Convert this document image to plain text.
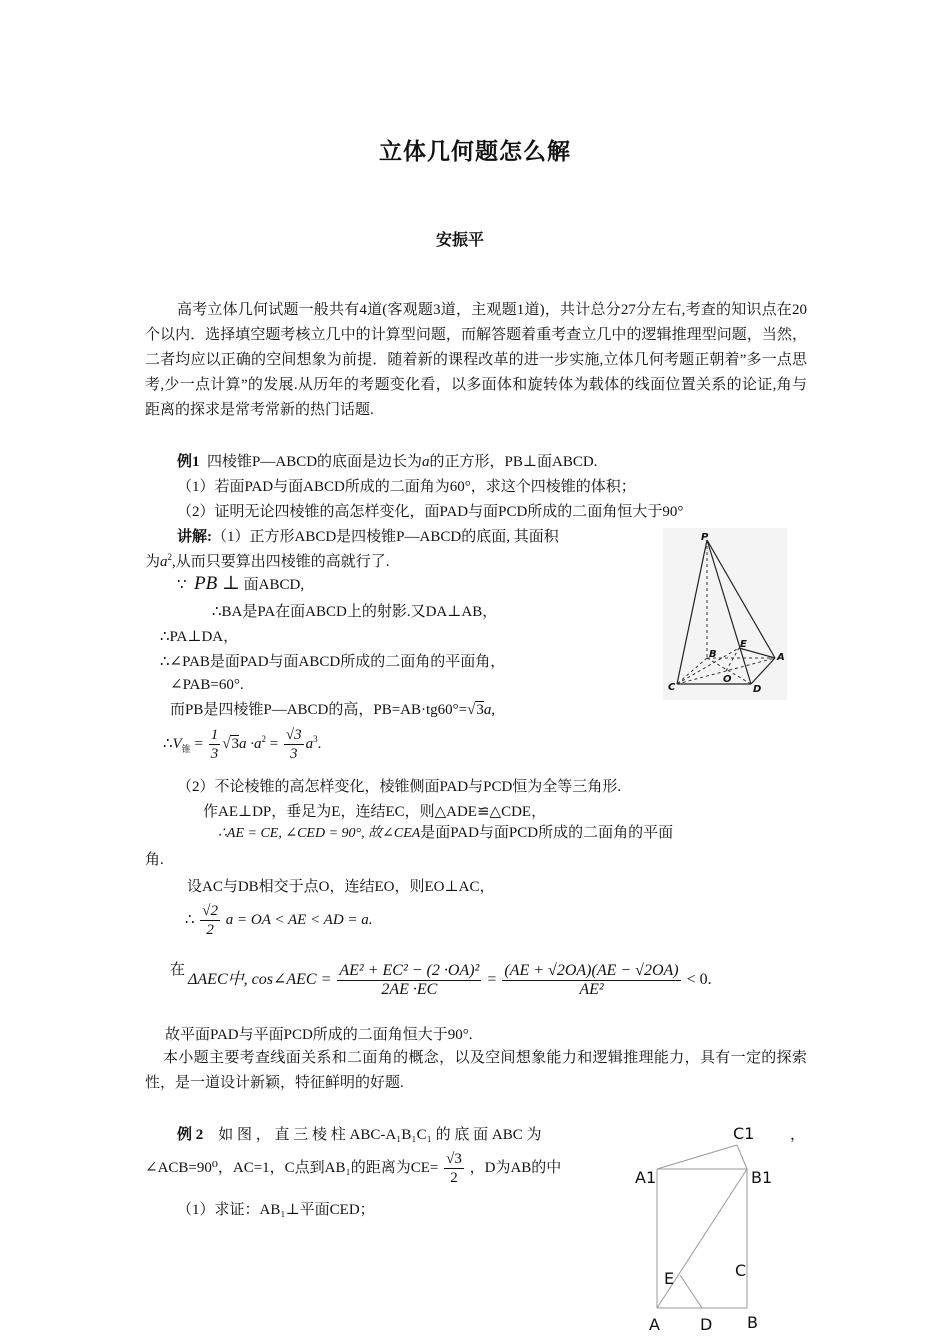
立体几何题怎么解
安振平
高考立体几何试题一般共有4道(客观题3道，主观题1道)，共计总分27分左右,考查的知识点在20个以内．选择填空题考核立几中的计算型问题，而解答题着重考查立几中的逻辑推理型问题，当然，二者均应以正确的空间想象为前提．随着新的课程改革的进一步实施,立体几何考题正朝着”多一点思考,少一点计算”的发展.从历年的考题变化看，以多面体和旋转体为载体的线面位置关系的论证,角与距离的探求是常考常新的热门话题.
例1 四棱锥P—ABCD的底面是边长为a的正方形，PB⊥面ABCD.
（1）若面PAD与面ABCD所成的二面角为60°，求这个四棱锥的体积；
（2）证明无论四棱锥的高怎样变化，面PAD与面PCD所成的二面角恒大于90°
讲解:（1）正方形ABCD是四棱锥P—ABCD的底面, 其面积
为$a^2$,从而只要算出四棱锥的高就行了.
∵ PB ⊥ 面ABCD,
∴BA是PA在面ABCD上的射影.又DA⊥AB，
∴PA⊥DA，
∴∠PAB是面PAD与面ABCD所成的二面角的平面角，
∠PAB=60°.
而PB是四棱锥P—ABCD的高，PB=AB·tg60°=√3a,
$\therefore V_锥 = \frac{1}{3} √3a \cdot a^2 = \frac{√3}{3} a^3$.
（2）不论棱锥的高怎样变化，棱锥侧面PAD与PCD恒为全等三角形.
作AE⊥DP，垂足为E，连结EC，则△ADE≌△CDE，
∴AE = CE, ∠CED = 90°, 故∠CEA是面PAD与面PCD所成的二面角的平面
角.
设AC与DB相交于点O，连结EO，则EO⊥AC，
∴ $\frac{√2}{2}$ a = OA < AE < AD = a.
在
ΔAEC中, cos∠AEC = $\frac{\text{AE² + EC² − (2 ·OA)²}}{2AE \cdot EC} = \frac{(AE + √2OA)(AE - √2OA)}{\text{AE²}} < 0$.
故平面PAD与平面PCD所成的二面角恒大于90°.
本小题主要考查线面关系和二面角的概念，以及空间想象能力和逻辑推理能力，具有一定的探索性，是一道设计新颖，特征鲜明的好题.
例 2 如 图 ， 直 三 棱 柱 ABC-A₁B₁C₁ 的 底 面 ABC 为	，
∠ACB=90⁰，AC=1，C点到AB₁的距离为$CE= \frac{√3}{2}$ ，D为AB的中
（1）求证：AB₁⊥平面CED；
P
A
B
C	D
E
O
C1
A1	B1
C
E
A	D B
